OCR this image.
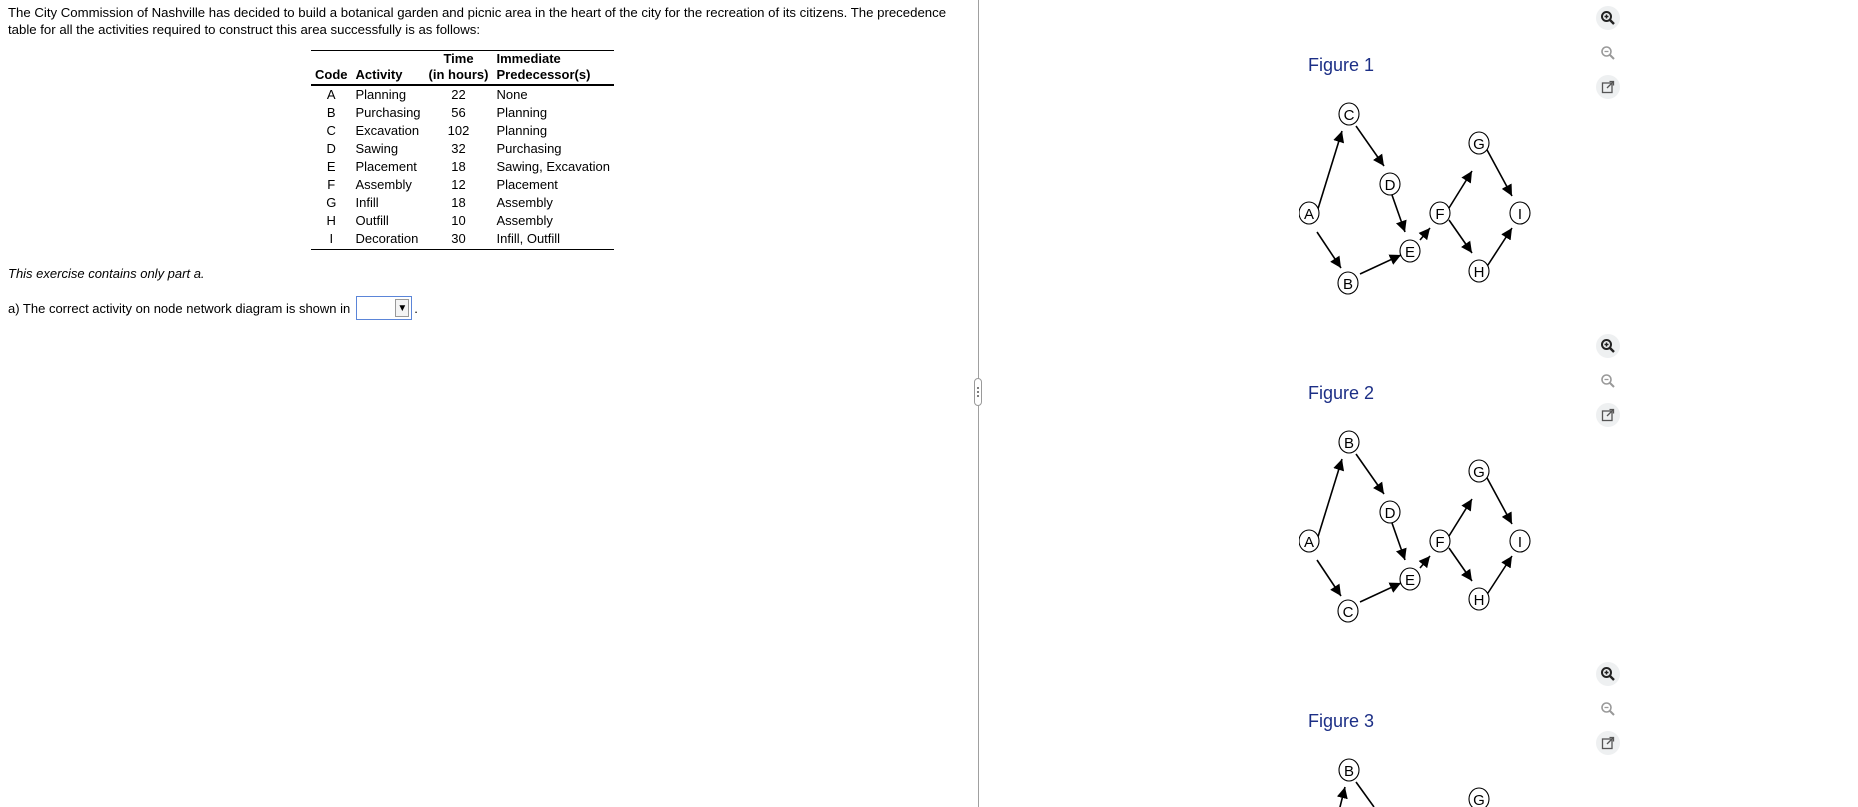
The City Commission of Nashville has decided to build a botanical garden and picnic area in the heart of the city for the recreation of its citizens. The precedence table for all the activities required to construct this area successfully is as follows:
		Time	Immediate
Code	Activity	(in hours)	Predecessor(s)
A	Planning	22	None
B	Purchasing	56	Planning
C	Excavation	102	Planning
D	Sawing	32	Purchasing
E	Placement	18	Sawing, Excavation
F	Assembly	12	Placement
G	Infill	18	Assembly
H	Outfill	10	Assembly
I	Decoration	30	Infill, Outfill
This exercise contains only part a.
a) The correct activity on node network diagram is shown in	▼ .
Figure 1
A
C
B
D
E
F
G
H
I
Figure 2
A
B
C
D
E
F
G
H
I
Figure 3
B
G
